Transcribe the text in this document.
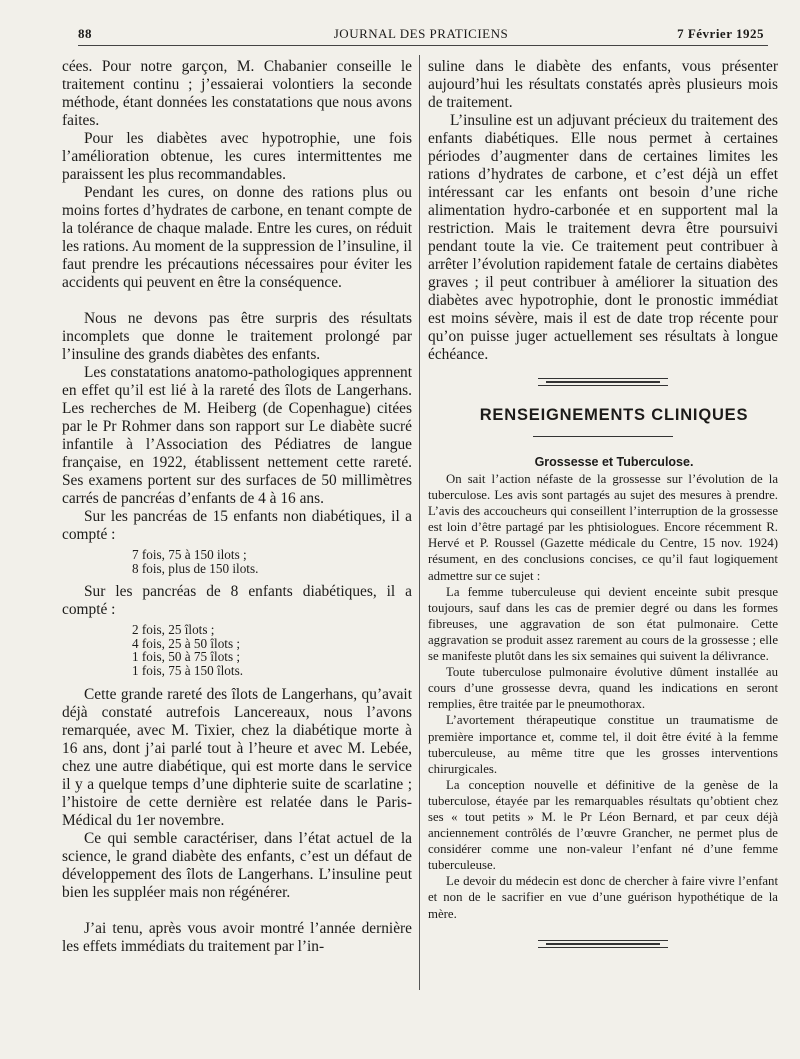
88	JOURNAL DES PRATICIENS	7 Février 1925

cées. Pour notre garçon, M. Chabanier conseille le traitement continu ; j’essaierai volontiers la seconde méthode, étant données les constatations que nous avons faites.

Pour les diabètes avec hypotrophie, une fois l’amélioration obtenue, les cures intermittentes me paraissent les plus recommandables.

Pendant les cures, on donne des rations plus ou moins fortes d’hydrates de carbone, en tenant compte de la tolérance de chaque malade. Entre les cures, on réduit les rations. Au moment de la suppression de l’insuline, il faut prendre les précautions nécessaires pour éviter les accidents qui peuvent en être la conséquence.

Nous ne devons pas être surpris des résultats incomplets que donne le traitement prolongé par l’insuline des grands diabètes des enfants.

Les constatations anatomo-pathologiques apprennent en effet qu’il est lié à la rareté des îlots de Langerhans. Les recherches de M. Heiberg (de Copenhague) citées par le Pr Rohmer dans son rapport sur Le diabète sucré infantile à l’Association des Pédiatres de langue française, en 1922, établissent nettement cette rareté. Ses examens portent sur des surfaces de 50 millimètres carrés de pancréas d’enfants de 4 à 16 ans.

Sur les pancréas de 15 enfants non diabétiques, il a compté :

7 fois, 75 à 150 ilots ;
8 fois, plus de 150 ilots.

Sur les pancréas de 8 enfants diabétiques, il a compté :

2 fois, 25 îlots ;
4 fois, 25 à 50 îlots ;
1 fois, 50 à 75 îlots ;
1 fois, 75 à 150 îlots.

Cette grande rareté des îlots de Langerhans, qu’avait déjà constaté autrefois Lancereaux, nous l’avons remarquée, avec M. Tixier, chez la diabétique morte à 16 ans, dont j’ai parlé tout à l’heure et avec M. Lebée, chez une autre diabétique, qui est morte dans le service il y a quelque temps d’une diphterie suite de scarlatine ; l’histoire de cette dernière est relatée dans le Paris-Médical du 1er novembre.

Ce qui semble caractériser, dans l’état actuel de la science, le grand diabète des enfants, c’est un défaut de développement des îlots de Langerhans. L’insuline peut bien les suppléer mais non régénérer.

J’ai tenu, après vous avoir montré l’année dernière les effets immédiats du traitement par l’in-

suline dans le diabète des enfants, vous présenter aujourd’hui les résultats constatés après plusieurs mois de traitement.

L’insuline est un adjuvant précieux du traitement des enfants diabétiques. Elle nous permet à certaines périodes d’augmenter dans de certaines limites les rations d’hydrates de carbone, et c’est déjà un effet intéressant car les enfants ont besoin d’une riche alimentation hydro-carbonée et en supportent mal la restriction. Mais le traitement devra être poursuivi pendant toute la vie. Ce traitement peut contribuer à arrêter l’évolution rapidement fatale de certains diabètes graves ; il peut contribuer à améliorer la situation des diabètes avec hypotrophie, dont le pronostic immédiat est moins sévère, mais il est de date trop récente pour qu’on puisse juger actuellement ses résultats à longue échéance.

RENSEIGNEMENTS CLINIQUES

Grossesse et Tuberculose.

On sait l’action néfaste de la grossesse sur l’évolution de la tuberculose. Les avis sont partagés au sujet des mesures à prendre. L’avis des accoucheurs qui conseillent l’interruption de la grossesse est loin d’être partagé par les phtisiologues. Encore récemment R. Hervé et P. Roussel (Gazette médicale du Centre, 15 nov. 1924) résument, en des conclusions concises, ce qu’il faut logiquement admettre sur ce sujet :

La femme tuberculeuse qui devient enceinte subit presque toujours, sauf dans les cas de premier degré ou dans les formes fibreuses, une aggravation de son état pulmonaire. Cette aggravation se produit assez rarement au cours de la grossesse ; elle se manifeste plutôt dans les six semaines qui suivent la délivrance.

Toute tuberculose pulmonaire évolutive dûment installée au cours d’une grossesse devra, quand les indications en seront remplies, être traitée par le pneumothorax.

L’avortement thérapeutique constitue un traumatisme de première importance et, comme tel, il doit être évité à la femme tuberculeuse, au même titre que les grosses interventions chirurgicales.

La conception nouvelle et définitive de la genèse de la tuberculose, étayée par les remarquables résultats qu’obtient chez ses « tout petits » M. le Pr Léon Bernard, et par ceux déjà anciennement contrôlés de l’œuvre Grancher, ne permet plus de considérer comme une non-valeur l’enfant né d’une femme tuberculeuse.

Le devoir du médecin est donc de chercher à faire vivre l’enfant et non de le sacrifier en vue d’une guérison hypothétique de la mère.
